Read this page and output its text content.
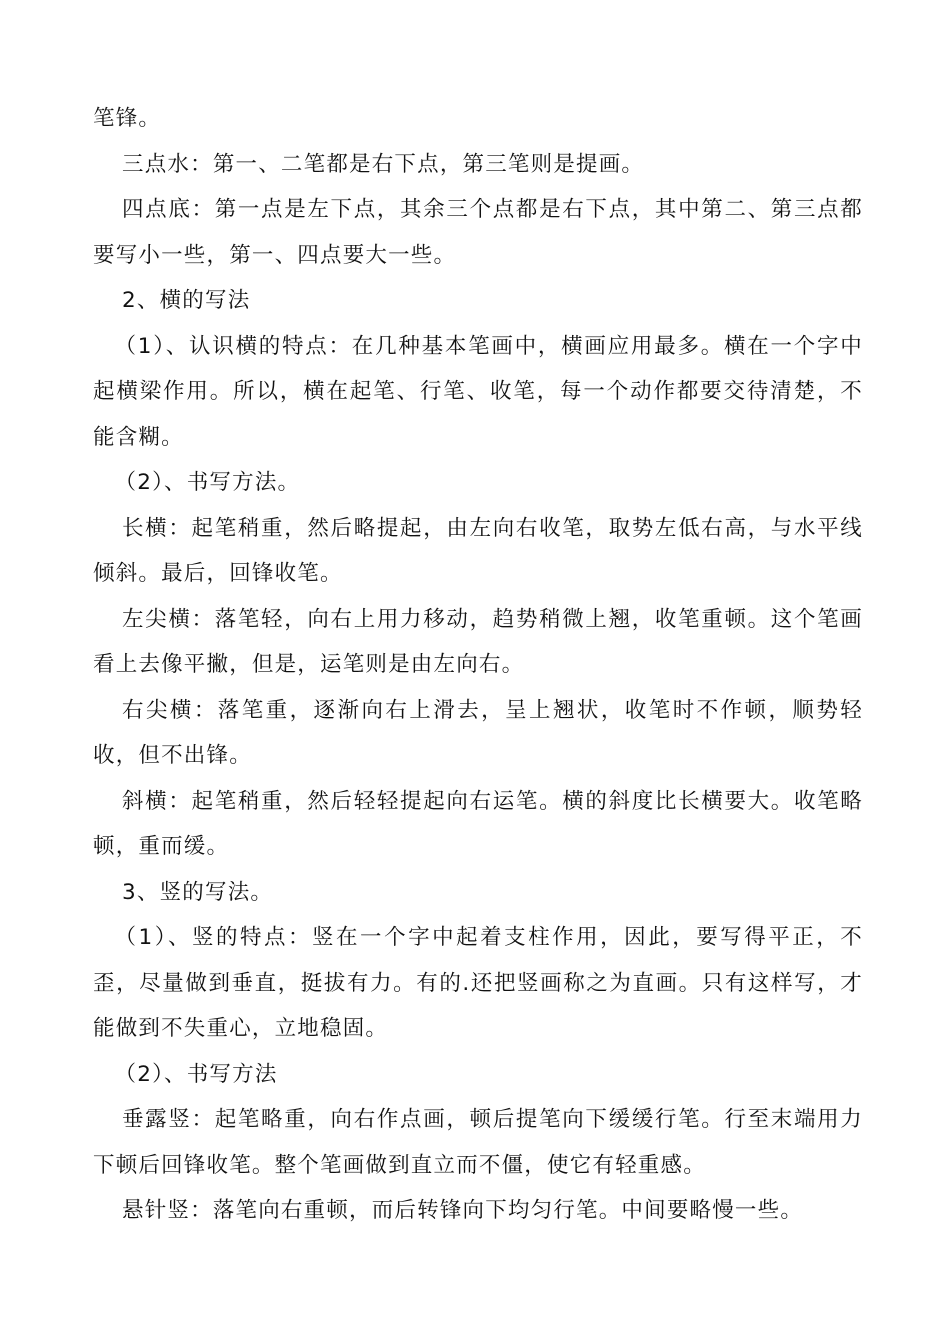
笔锋。

三点水：第一、二笔都是右下点，第三笔则是提画。

四点底：第一点是左下点，其余三个点都是右下点，其中第二、第三点都要写小一些，第一、四点要大一些。

2、横的写法

（1）、认识横的特点：在几种基本笔画中，横画应用最多。横在一个字中起横梁作用。所以，横在起笔、行笔、收笔，每一个动作都要交待清楚，不能含糊。

（2）、书写方法。

长横：起笔稍重，然后略提起，由左向右收笔，取势左低右高，与水平线倾斜。最后，回锋收笔。

左尖横：落笔轻，向右上用力移动，趋势稍微上翘，收笔重顿。这个笔画看上去像平撇，但是，运笔则是由左向右。

右尖横：落笔重，逐渐向右上滑去，呈上翘状，收笔时不作顿，顺势轻收，但不出锋。

斜横：起笔稍重，然后轻轻提起向右运笔。横的斜度比长横要大。收笔略顿，重而缓。

3、竖的写法。

（1）、竖的特点：竖在一个字中起着支柱作用，因此，要写得平正，不歪，尽量做到垂直，挺拔有力。有的.还把竖画称之为直画。只有这样写，才能做到不失重心，立地稳固。

（2）、书写方法

垂露竖：起笔略重，向右作点画，顿后提笔向下缓缓行笔。行至末端用力下顿后回锋收笔。整个笔画做到直立而不僵，使它有轻重感。

悬针竖：落笔向右重顿，而后转锋向下均匀行笔。中间要略慢一些。
